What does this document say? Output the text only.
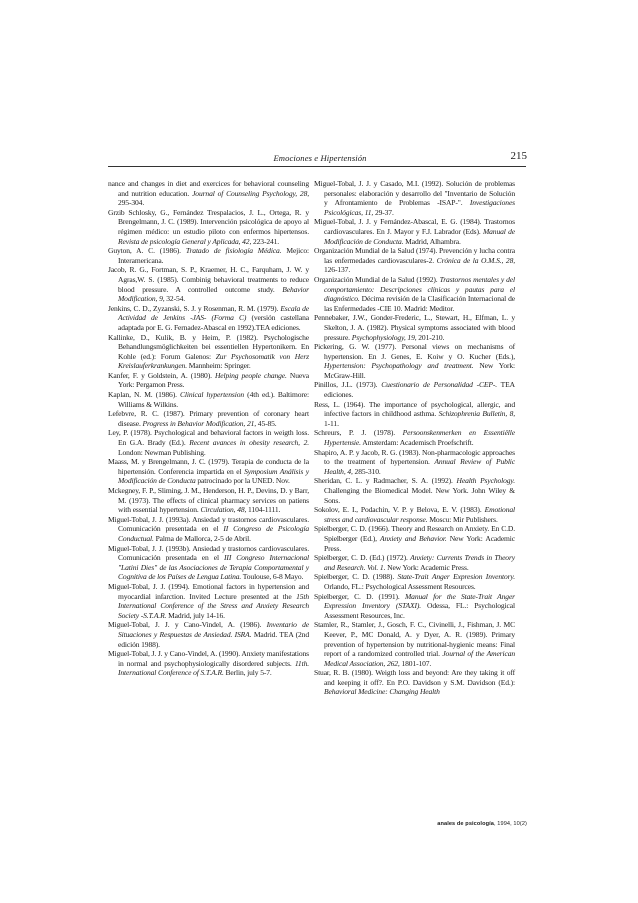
Emociones e Hipertensión	215

nance and changes in diet and exercices for behavioral counseling and nutrition education. Journal of Counseling Psychology, 28, 295-304.

Grzib Schlosky, G., Fernández Trespalacios, J. L., Ortega, R. y Brengelmann, J. C. (1989). Intervención psicológica de apoyo al régimen médico: un estudio piloto con enfermos hipertensos. Revista de psicología General y Aplicada, 42, 223-241.

Guyton, A. C. (1986). Tratado de fisiología Médica. Mejico: Interamericana.

Jacob, R. G., Fortman, S. P., Kraemer, H. C., Farquham, J. W. y Agras,W. S. (1985). Combinig behavioral treatments to reduce blood pressure. A controlled outcome study. Behavior Modification, 9, 32-54.

Jenkins, C. D., Zyzanski, S. J. y Rosenman, R. M. (1979). Escala de Actividad de Jenkins -JAS- (Forma C) (versión castellana adaptada por E. G. Fernadez-Abascal en 1992).TEA ediciones.

Kallinke, D., Kulik, B. y Heim, P. (1982). Psychologische Behandlungsmöglichkeiten bei essentiellen Hypertonikern. En Kohle (ed.): Forum Galenos: Zur Psychosomatik von Herz Kreislauferkrankungen. Mannheim: Springer.

Kanfer, F. y Goldstein, A. (1980). Helping people change. Nueva York: Pergamon Press.

Kaplan, N. M. (1986). Clinical hypertension (4th ed.). Baltimore: Williams & Wilkins.

Lefebvre, R. C. (1987). Primary prevention of coronary heart disease. Progress in Behavior Modification, 21, 45-85.

Ley, P. (1978). Psychological and behavioral factors in weigth loss. En G.A. Brady (Ed.). Recent avances in obesity research, 2. London: Newman Publishing.

Maass, M. y Brengelmann, J. C. (1979). Terapia de conducta de la hipertensión. Conferencia impartida en el Symposium Análisis y Modificación de Conducta patrocinado por la UNED. Nov.

Mckegney, F. P., Sliming, J. M., Henderson, H. P., Devins, D. y Barr, M. (1973). The effects of clinical pharmacy services on patiens with essential hypertension. Circulation, 48, 1104-1111.

Miguel-Tobal, J. J. (1993a). Ansiedad y trastornos cardiovasculares. Comunicación presentada en el II Congreso de Psicología Conductual. Palma de Mallorca, 2-5 de Abril.

Miguel-Tobal, J. J. (1993b). Ansiedad y trastornos cardiovasculares. Comunicación presentada en el III Congreso Internacional "Latini Dies" de las Asociaciones de Terapia Comportamental y Cognitiva de los Países de Lengua Latina. Toulouse, 6-8 Mayo.

Miguel-Tobal, J. J. (1994). Emotional factors in hypertension and myocardial infarction. Invited Lecture presented at the 15th International Conference of the Stress and Anxiety Research Society -S.T.A.R. Madrid, july 14-16.

Miguel-Tobal, J. J. y Cano-Vindel, A. (1986). Inventario de Situaciones y Respuestas de Ansiedad. ISRA. Madrid. TEA (2nd edición 1988).

Miguel-Tobal, J. J. y Cano-Vindel, A. (1990). Anxiety manifestations in normal and psychophysiologically disordered subjects. 11th. International Conference of S.T.A.R. Berlin, july 5-7.

Miguel-Tobal, J. J. y Casado, M.I. (1992). Solución de problemas personales: elaboración y desarrollo del "Inventario de Solución y Afrontamiento de Problemas -ISAP-". Investigaciones Psicológicas, 11, 29-37.

Miguel-Tobal, J. J. y Fernández-Abascal, E. G. (1984). Trastornos cardiovasculares. En J. Mayor y F.J. Labrador (Eds). Manual de Modificación de Conducta. Madrid, Alhambra.

Organización Mundial de la Salud (1974). Prevención y lucha contra las enfermedades cardiovasculares-2. Crónica de la O.M.S., 28, 126-137.

Organización Mundial de la Salud (1992). Trastornos mentales y del comportamiento: Descripciones clínicas y pautas para el diagnóstico. Décima revisión de la Clasificación Internacional de las Enfermedades -CIE 10. Madrid: Meditor.

Pennebaker, J.W., Gonder-Frederic, L., Stewart, H., Elfman, L. y Skelton, J. A. (1982). Physical symptoms associated with blood pressure. Psychophysiology, 19, 201-210.

Pickering, G. W. (1977). Personal views on mechanisms of hypertension. En J. Genes, E. Koiw y O. Kucher (Eds.), Hypertension: Psychopathology and treatment. New York: McGraw-Hill.

Pinillos, J.L. (1973). Cuestionario de Personalidad -CEP-. TEA ediciones.

Ress, L. (1964). The importance of psychological, allergic, and infective factors in childhood asthma. Schizophrenia Bulletin, 8, 1-11.

Schreurs, P. J. (1978). Persoonskenmerken en Essentiëlle Hypertensie. Amsterdam: Academisch Proefschrift.

Shapiro, A. P. y Jacob, R. G. (1983). Non-pharmacologic approaches to the treatment of hypertension. Annual Review of Public Health, 4, 285-310.

Sheridan, C. L. y Radmacher, S. A. (1992). Health Psychology. Challenging the Biomedical Model. New York. John Wiley & Sons.

Sokolov, E. I., Podachin, V. P. y Belova, E. V. (1983). Emotional stress and cardiovascular response. Moscu: Mir Publishers.

Spielberger, C. D. (1966). Theory and Research on Anxiety. En C.D. Spielberger (Ed.), Anxiety and Behavior. New York: Academic Press.

Spielberger, C. D. (Ed.) (1972). Anxiety: Currents Trends in Theory and Research. Vol. 1. New York: Academic Press.

Spielberger, C. D. (1988). State-Trait Anger Expresion Inventory. Orlando, FL.: Psychological Assessment Resources.

Spielberger, C. D. (1991). Manual for the State-Trait Anger Expression Inventory (STAXI). Odessa, FL.: Psychological Assessment Resources, Inc.

Stamler, R., Stamler, J., Gosch, F. C., Civinelli, J., Fishman, J. MC Keever, P., MC Donald, A. y Dyer, A. R. (1989). Primary prevention of hypertension by nutritional-hygienic means: Final report of a randomized controlled trial. Journal of the American Medical Association, 262, 1801-107.

Stuar, R. B. (1980). Weigth loss and beyond: Are they taking it off and keeping it off?. En P.O. Davidson y S.M. Davidson (Ed.): Behavioral Medicine: Changing Health

anales de psicología, 1994, 10(2)
